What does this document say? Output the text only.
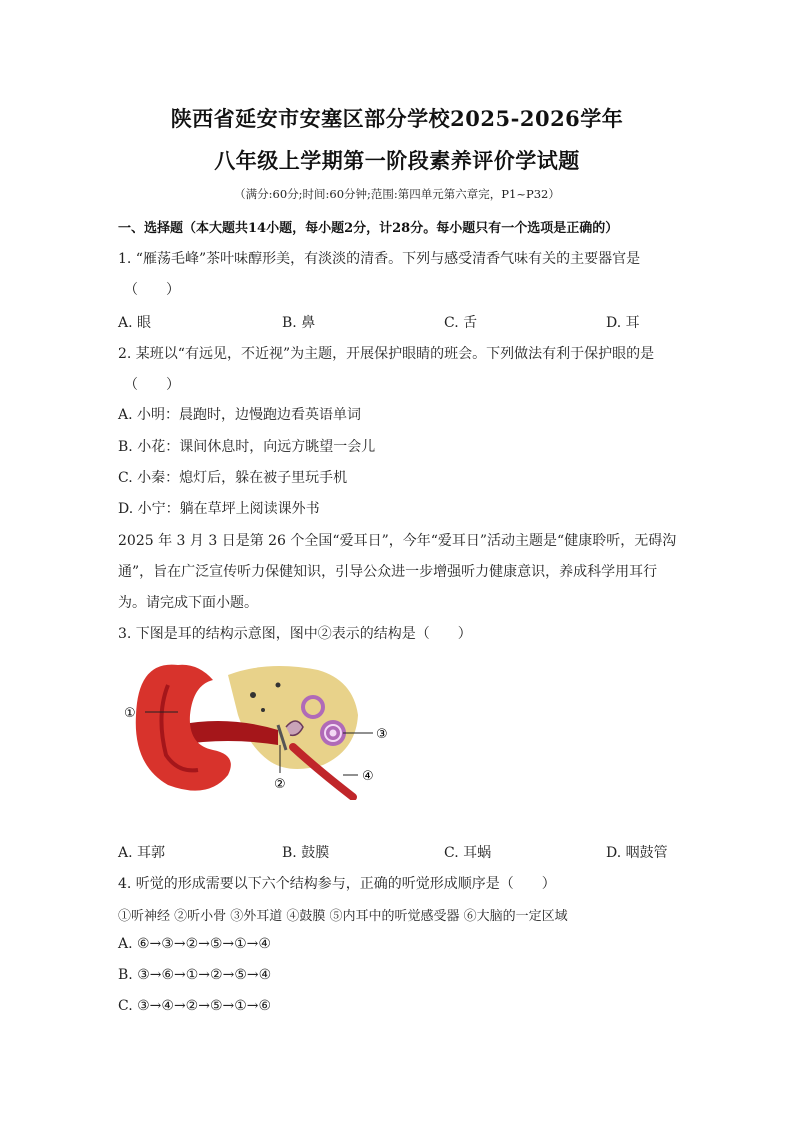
陕西省延安市安塞区部分学校2025-2026学年
八年级上学期第一阶段素养评价学试题
（满分:60分;时间:60分钟;范围:第四单元第六章完，P1~P32）
一、选择题（本大题共14小题，每小题2分，计28分。每小题只有一个选项是正确的）
1. “雁荡毛峰”茶叶味醇形美，有淡淡的清香。下列与感受清香气味有关的主要器官是
（　　）
A. 眼	B. 鼻	C. 舌	D. 耳
2. 某班以“有远见，不近视”为主题，开展保护眼睛的班会。下列做法有利于保护眼的是
（　　）
A. 小明：晨跑时，边慢跑边看英语单词
B. 小花：课间休息时，向远方眺望一会儿
C. 小秦：熄灯后，躲在被子里玩手机
D. 小宁：躺在草坪上阅读课外书
2025 年 3 月 3 日是第 26 个全国“爱耳日”，今年“爱耳日”活动主题是“健康聆听，无碍沟
通”，旨在广泛宣传听力保健知识，引导公众进一步增强听力健康意识，养成科学用耳行
为。请完成下面小题。
3. 下图是耳的结构示意图，图中②表示的结构是（　　）
①
②
③
④
A. 耳郭	B. 鼓膜	C. 耳蜗	D. 咽鼓管
4. 听觉的形成需要以下六个结构参与，正确的听觉形成顺序是（　　）
①听神经 ②听小骨 ③外耳道 ④鼓膜 ⑤内耳中的听觉感受器 ⑥大脑的一定区域
A. ⑥→③→②→⑤→①→④
B. ③→⑥→①→②→⑤→④
C. ③→④→②→⑤→①→⑥
